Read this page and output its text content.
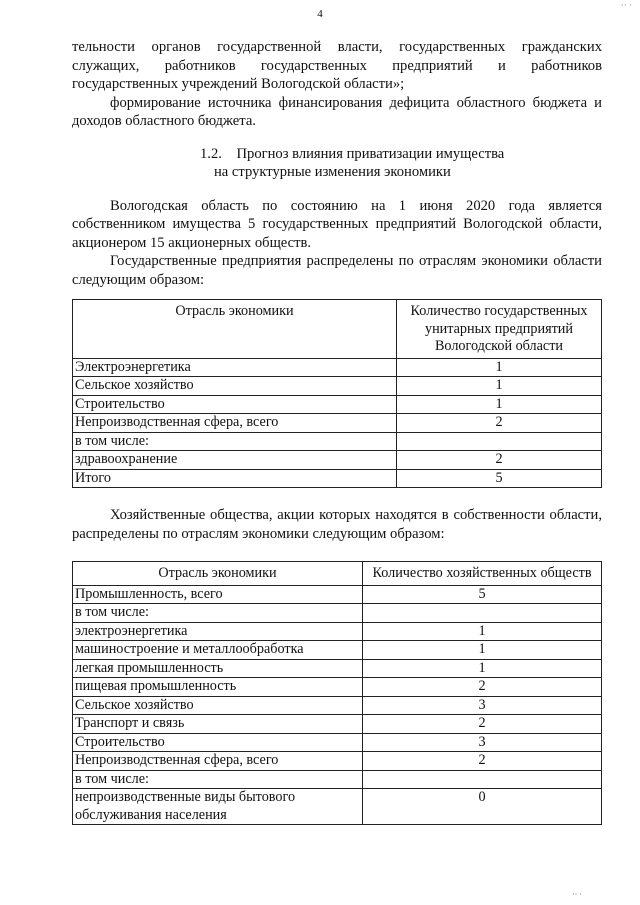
4
·· ·

тельности органов государственной власти, государственных гражданских служащих, работников государственных предприятий и работников государственных учреждений Вологодской области»;

формирование источника финансирования дефицита областного бюджета и доходов областного бюджета.

1.2. Прогноз влияния приватизации имущества
на структурные изменения экономики

Вологодская область по состоянию на 1 июня 2020 года является собственником имущества 5 государственных предприятий Вологодской области, акционером 15 акционерных обществ.

Государственные предприятия распределены по отраслям экономики области следующим образом:

Отрасль экономики	Количество государственных унитарных предприятий Вологодской области
Электроэнергетика	1
Сельское хозяйство	1
Строительство	1
Непроизводственная сфера, всего	2
в том числе:	
здравоохранение	2
Итого	5

Хозяйственные общества, акции которых находятся в собственности области, распределены по отраслям экономики следующим образом:

Отрасль экономики	Количество хозяйственных обществ
Промышленность, всего	5
в том числе:	
электроэнергетика	1
машиностроение и металлообработка	1
легкая промышленность	1
пищевая промышленность	2
Сельское хозяйство	3
Транспорт и связь	2
Строительство	3
Непроизводственная сфера, всего	2
в том числе:	
непроизводственные виды бытового обслуживания населения	0
·· ·
